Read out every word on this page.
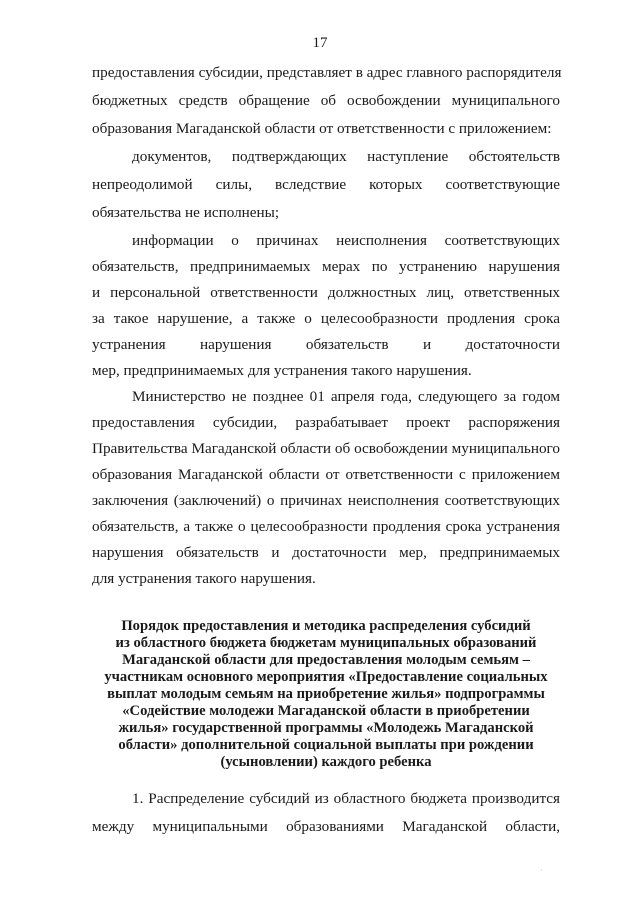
17
предоставления субсидии, представляет в адрес главного распорядителя
бюджетных средств обращение об освобождении муниципального
образования Магаданской области от ответственности с приложением:
документов, подтверждающих наступление обстоятельств
непреодолимой силы, вследствие которых соответствующие
обязательства не исполнены;
информации о причинах неисполнения соответствующих
обязательств, предпринимаемых мерах по устранению нарушения
и персональной ответственности должностных лиц, ответственных
за такое нарушение, а также о целесообразности продления срока
устранения нарушения обязательств и достаточности
мер, предпринимаемых для устранения такого нарушения.
Министерство не позднее 01 апреля года, следующего за годом
предоставления субсидии, разрабатывает проект распоряжения
Правительства Магаданской области об освобождении муниципального
образования Магаданской области от ответственности с приложением
заключения (заключений) о причинах неисполнения соответствующих
обязательств, а также о целесообразности продления срока устранения
нарушения обязательств и достаточности мер, предпринимаемых
для устранения такого нарушения.
Порядок предоставления и методика распределения субсидий
из областного бюджета бюджетам муниципальных образований
Магаданской области для предоставления молодым семьям –
участникам основного мероприятия «Предоставление социальных
выплат молодым семьям на приобретение жилья» подпрограммы
«Содействие молодежи Магаданской области в приобретении
жилья» государственной программы «Молодежь Магаданской
области» дополнительной социальной выплаты при рождении
(усыновлении) каждого ребенка
1. Распределение субсидий из областного бюджета производится
между муниципальными образованиями Магаданской области,
·
